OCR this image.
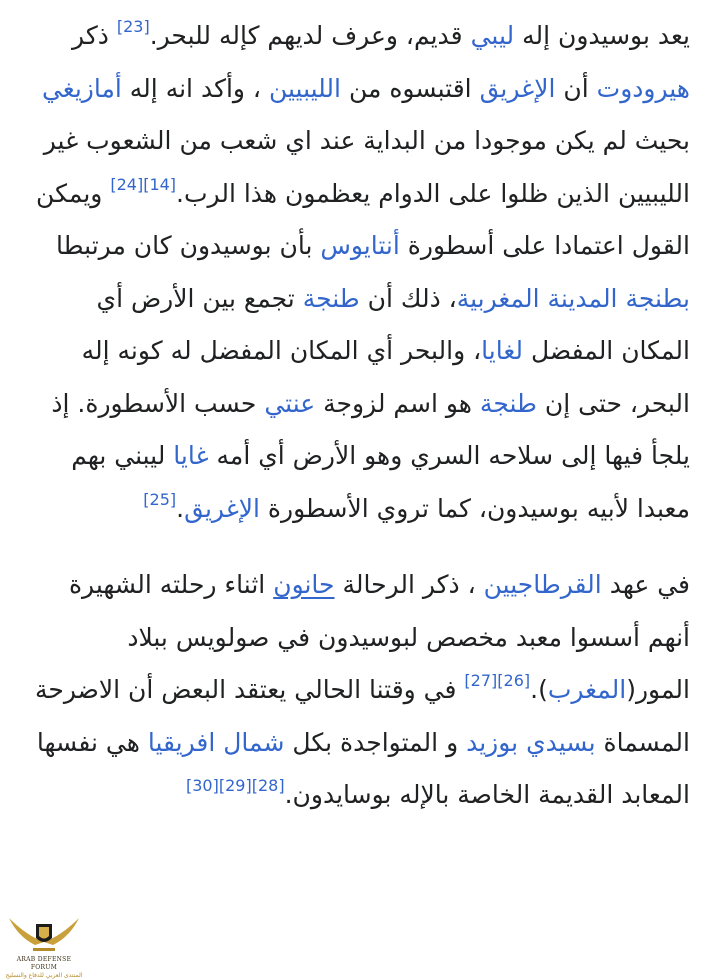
يعد بوسيدون إله ليبي قديم، وعرف لديهم كإله للبحر.[23] ذكر هيرودوت أن الإغريق اقتبسوه من الليبيين ، وأكد انه إله أمازيغي بحيث لم يكن موجودا من البداية عند اي شعب من الشعوب غير الليبيين الذين ظلوا على الدوام يعظمون هذا الرب.[14][24] ويمكن القول اعتمادا على أسطورة أنتايوس بأن بوسيدون كان مرتبطا بطنجة المدينة المغربية، ذلك أن طنجة تجمع بين الأرض أي المكان المفضل لغايا، والبحر أي المكان المفضل له كونه إله البحر، حتى إن طنجة هو اسم لزوجة عنتي حسب الأسطورة. إذ يلجأ فيها إلى سلاحه السري وهو الأرض أي أمه غايا ليبني بهم معبدا لأبيه بوسيدون، كما تروي الأسطورة الإغريق.[25]

في عهد القرطاجيين ، ذكر الرحالة حانون اثناء رحلته الشهيرة أنهم أسسوا معبد مخصص لبوسيدون في صولويس ببلاد المور(المغرب).[26][27] في وقتنا الحالي يعتقد البعض أن الاضرحة المسماة بسيدي بوزيد و المتواجدة بكل شمال افريقيا هي نفسها المعابد القديمة الخاصة بالإله بوسايدون.[28][29][30]

ARAB DEFENSE FORUM
المنتدى العربي للدفاع والتسليح
